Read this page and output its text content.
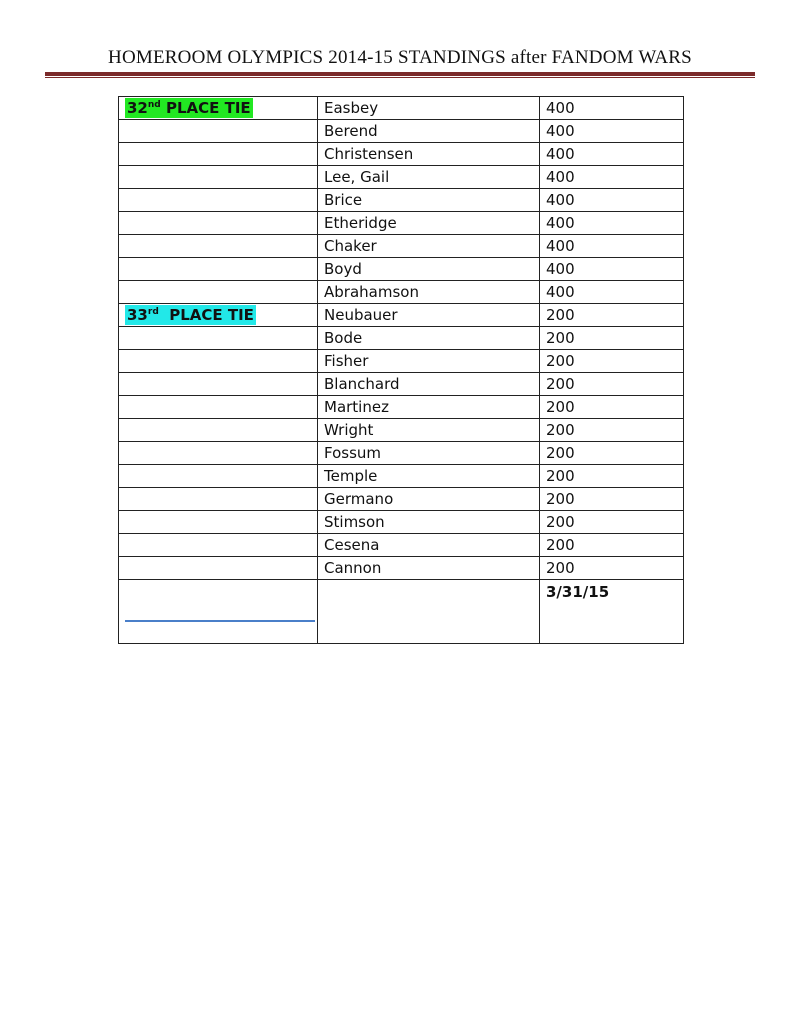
HOMEROOM OLYMPICS 2014-15 STANDINGS after FANDOM WARS
32nd PLACE TIE	Easbey	400
	Berend	400
	Christensen	400
	Lee, Gail	400
	Brice	400
	Etheridge	400
	Chaker	400
	Boyd	400
	Abrahamson	400
33rd  PLACE TIE	Neubauer	200
	Bode	200
	Fisher	200
	Blanchard	200
	Martinez	200
	Wright	200
	Fossum	200
	Temple	200
	Germano	200
	Stimson	200
	Cesena	200
	Cannon	200

		3/31/15
